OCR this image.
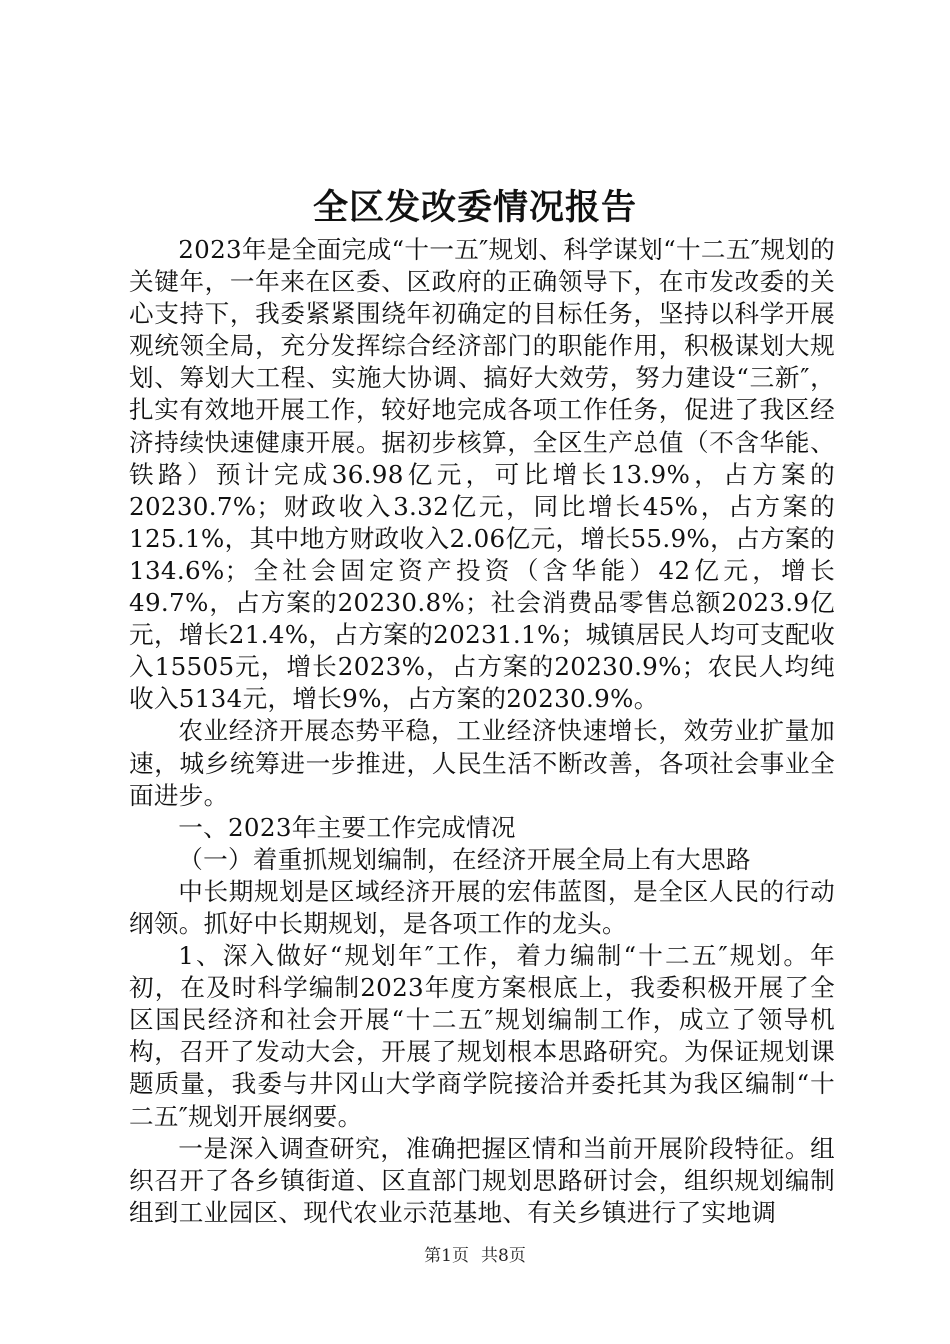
全区发改委情况报告

2023年是全面完成“十一五″规划、科学谋划“十二五″规划的关键年，一年来在区委、区政府的正确领导下，在市发改委的关心支持下，我委紧紧围绕年初确定的目标任务，坚持以科学开展观统领全局，充分发挥综合经济部门的职能作用，积极谋划大规划、筹划大工程、实施大协调、搞好大效劳，努力建设“三新″，扎实有效地开展工作，较好地完成各项工作任务，促进了我区经济持续快速健康开展。据初步核算，全区生产总值（不含华能、铁路）预计完成36.98亿元，可比增长13.9%，占方案的20230.7%；财政收入3.32亿元，同比增长45%，占方案的125.1%，其中地方财政收入2.06亿元，增长55.9%，占方案的134.6%；全社会固定资产投资（含华能）42亿元，增长49.7%，占方案的20230.8%；社会消费品零售总额2023.9亿元，增长21.4%，占方案的20231.1%；城镇居民人均可支配收入15505元，增长2023%，占方案的20230.9%；农民人均纯收入5134元，增长9%，占方案的20230.9%。

农业经济开展态势平稳，工业经济快速增长，效劳业扩量加速，城乡统筹进一步推进，人民生活不断改善，各项社会事业全面进步。

一、2023年主要工作完成情况

（一）着重抓规划编制，在经济开展全局上有大思路

中长期规划是区域经济开展的宏伟蓝图，是全区人民的行动纲领。抓好中长期规划，是各项工作的龙头。

1、深入做好“规划年″工作，着力编制“十二五″规划。年初，在及时科学编制2023年度方案根底上，我委积极开展了全区国民经济和社会开展“十二五″规划编制工作，成立了领导机构，召开了发动大会，开展了规划根本思路研究。为保证规划课题质量，我委与井冈山大学商学院接洽并委托其为我区编制“十二五″规划开展纲要。

一是深入调查研究，准确把握区情和当前开展阶段特征。组织召开了各乡镇街道、区直部门规划思路研讨会，组织规划编制组到工业园区、现代农业示范基地、有关乡镇进行了实地调

第1页 共8页
